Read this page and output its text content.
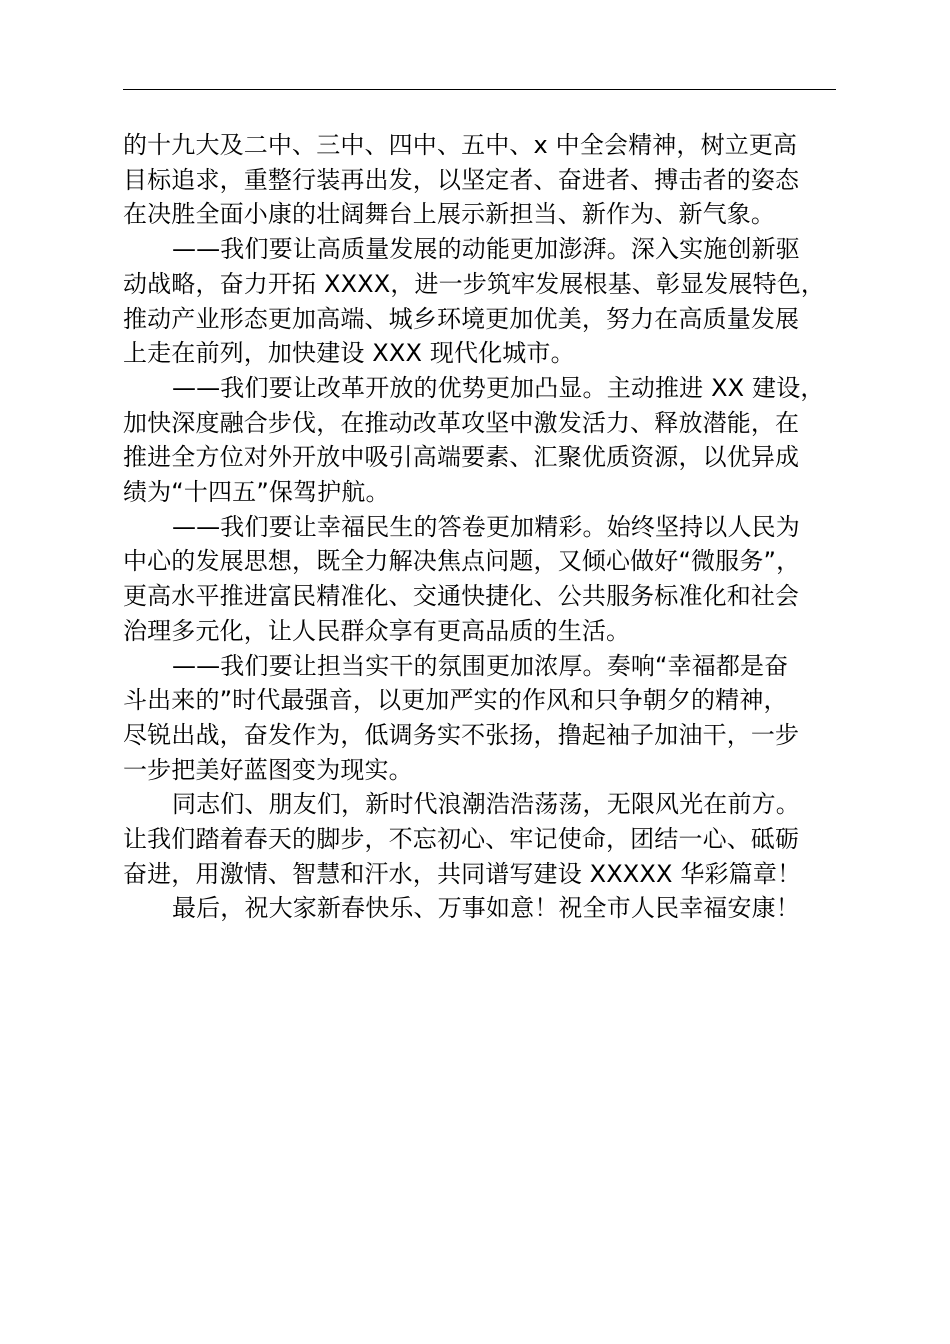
的十九大及二中、三中、四中、五中、x 中全会精神，树立更高
目标追求，重整行装再出发，以坚定者、奋进者、搏击者的姿态
在决胜全面小康的壮阔舞台上展示新担当、新作为、新气象。
——我们要让高质量发展的动能更加澎湃。深入实施创新驱
动战略，奋力开拓 XXXX，进一步筑牢发展根基、彰显发展特色，
推动产业形态更加高端、城乡环境更加优美，努力在高质量发展
上走在前列，加快建设 XXX 现代化城市。
——我们要让改革开放的优势更加凸显。主动推进 XX 建设，
加快深度融合步伐，在推动改革攻坚中激发活力、释放潜能，在
推进全方位对外开放中吸引高端要素、汇聚优质资源，以优异成
绩为“十四五”保驾护航。
——我们要让幸福民生的答卷更加精彩。始终坚持以人民为
中心的发展思想，既全力解决焦点问题，又倾心做好“微服务”，
更高水平推进富民精准化、交通快捷化、公共服务标准化和社会
治理多元化，让人民群众享有更高品质的生活。
——我们要让担当实干的氛围更加浓厚。奏响“幸福都是奋
斗出来的”时代最强音，以更加严实的作风和只争朝夕的精神，
尽锐出战，奋发作为，低调务实不张扬，撸起袖子加油干，一步
一步把美好蓝图变为现实。
同志们、朋友们，新时代浪潮浩浩荡荡，无限风光在前方。
让我们踏着春天的脚步，不忘初心、牢记使命，团结一心、砥砺
奋进，用激情、智慧和汗水，共同谱写建设 XXXXX 华彩篇章！
最后，祝大家新春快乐、万事如意！祝全市人民幸福安康！
